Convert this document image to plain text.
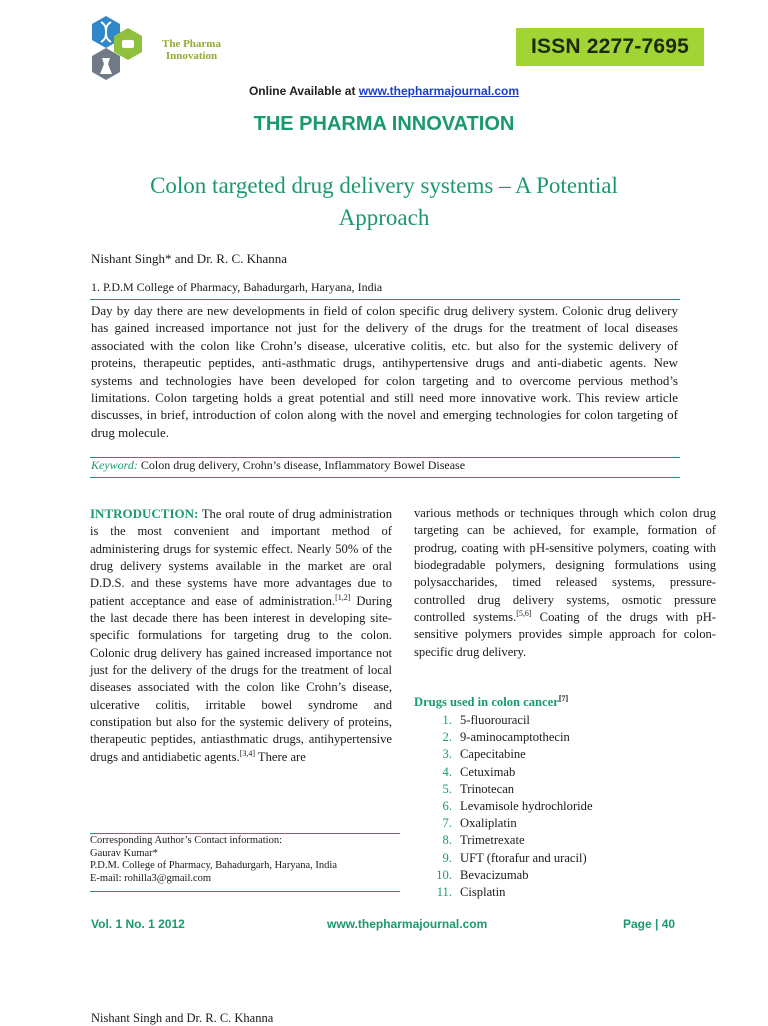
The Pharma
Innovation	ISSN 2277-7695
Online Available at www.thepharmajournal.com
THE PHARMA INNOVATION
Colon targeted drug delivery systems – A Potential
Approach
Nishant Singh* and Dr. R. C. Khanna
1. P.D.M College of Pharmacy, Bahadurgarh, Haryana, India
Day by day there are new developments in field of colon specific drug delivery system. Colonic drug delivery has gained increased importance not just for the delivery of the drugs for the treatment of local diseases associated with the colon like Crohn’s disease, ulcerative colitis, etc. but also for the systemic delivery of proteins, therapeutic peptides, anti-asthmatic drugs, antihypertensive drugs and anti-diabetic agents. New systems and technologies have been developed for colon targeting and to overcome pervious method’s limitations. Colon targeting holds a great potential and still need more innovative work. This review article discusses, in brief, introduction of colon along with the novel and emerging technologies for colon targeting of drug molecule.
Keyword: Colon drug delivery, Crohn’s disease, Inflammatory Bowel Disease
INTRODUCTION: The oral route of drug administration is the most convenient and important method of administering drugs for systemic effect. Nearly 50% of the drug delivery systems available in the market are oral D.D.S. and these systems have more advantages due to patient acceptance and ease of administration.[1,2] During the last decade there has been interest in developing site-specific formulations for targeting drug to the colon. Colonic drug delivery has gained increased importance not just for the delivery of the drugs for the treatment of local diseases associated with the colon like Crohn’s disease, ulcerative colitis, irritable bowel syndrome and constipation but also for the systemic delivery of proteins, therapeutic peptides, antiasthmatic drugs, antihypertensive drugs and antidiabetic agents.[3,4] There are
various methods or techniques through which colon drug targeting can be achieved, for example, formation of prodrug, coating with pH-sensitive polymers, coating with biodegradable polymers, designing formulations using polysaccharides, timed released systems, pressure-controlled drug delivery systems, osmotic pressure controlled systems.[5,6] Coating of the drugs with pH-sensitive polymers provides simple approach for colon-specific drug delivery.
Drugs used in colon cancer[7]
1. 5-fluorouracil
2. 9-aminocamptothecin
3. Capecitabine
4. Cetuximab
5. Trinotecan
6. Levamisole hydrochloride
7. Oxaliplatin
8. Trimetrexate
9. UFT (ftorafur and uracil)
10. Bevacizumab
11. Cisplatin
Corresponding Author’s Contact information:
Gaurav Kumar*
P.D.M. College of Pharmacy, Bahadurgarh, Haryana, India
E-mail: rohilla3@gmail.com
Vol. 1 No. 1 2012	www.thepharmajournal.com	Page | 40
Nishant Singh and Dr. R. C. Khanna
